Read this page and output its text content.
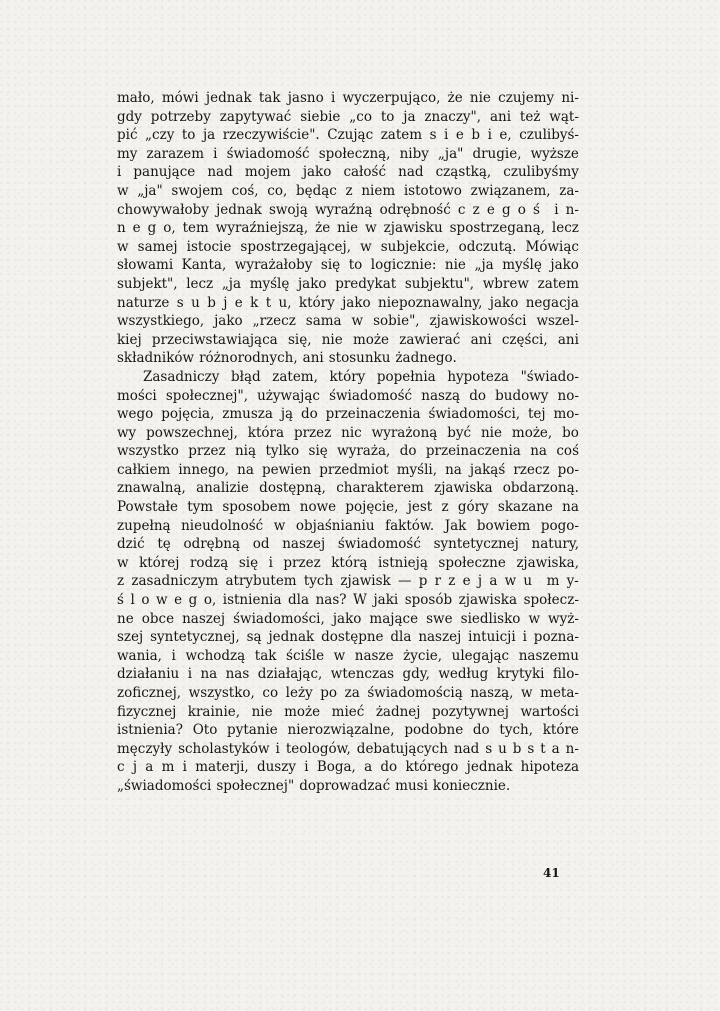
mało, mówi jednak tak jasno i wyczerpująco, że nie czujemy ni-
gdy potrzeby zapytywać siebie „co to ja znaczy", ani też wąt-
pić „czy to ja rzeczywiście". Czując zatem s i e b i e, czulibyś-
my zarazem i świadomość społeczną, niby „ja" drugie, wyższe
i panujące nad mojem jako całość nad cząstką, czulibyśmy
w „ja" swojem coś, co, będąc z niem istotowo związanem, za-
chowywałoby jednak swoją wyraźną odrębność c z e g o ś i n-
n e g o, tem wyraźniejszą, że nie w zjawisku spostrzeganą, lecz
w samej istocie spostrzegającej, w subjekcie, odczutą. Mówiąc
słowami Kanta, wyrażałoby się to logicznie: nie „ja myślę jako
subjekt", lecz „ja myślę jako predykat subjektu", wbrew zatem
naturze s u b j e k t u, który jako niepoznawalny, jako negacja
wszystkiego, jako „rzecz sama w sobie", zjawiskowości wszel-
kiej przeciwstawiająca się, nie może zawierać ani części, ani
składników różnorodnych, ani stosunku żadnego.
Zasadniczy błąd zatem, który popełnia hypoteza "świado-
mości społecznej", używając świadomość naszą do budowy no-
wego pojęcia, zmusza ją do przeinaczenia świadomości, tej mo-
wy powszechnej, która przez nic wyrażoną być nie może, bo
wszystko przez nią tylko się wyraża, do przeinaczenia na coś
całkiem innego, na pewien przedmiot myśli, na jakąś rzecz po-
znawalną, analizie dostępną, charakterem zjawiska obdarzoną.
Powstałe tym sposobem nowe pojęcie, jest z góry skazane na
zupełną nieudolność w objaśnianiu faktów. Jak bowiem pogo-
dzić tę odrębną od naszej świadomość syntetycznej natury,
w której rodzą się i przez którą istnieją społeczne zjawiska,
z zasadniczym atrybutem tych zjawisk — p r z e j a w u m y-
ś l o w e g o, istnienia dla nas? W jaki sposób zjawiska społecz-
ne obce naszej świadomości, jako mające swe siedlisko w wyż-
szej syntetycznej, są jednak dostępne dla naszej intuicji i pozna-
wania, i wchodzą tak ściśle w nasze życie, ulegając naszemu
działaniu i na nas działając, wtenczas gdy, według krytyki filo-
zoficznej, wszystko, co leży po za świadomością naszą, w meta-
fizycznej krainie, nie może mieć żadnej pozytywnej wartości
istnienia? Oto pytanie nierozwiązalne, podobne do tych, które
męczyły scholastyków i teologów, debatujących nad s u b s t a n-
c j a m i materji, duszy i Boga, a do którego jednak hipoteza
„świadomości społecznej" doprowadzać musi koniecznie.
41
